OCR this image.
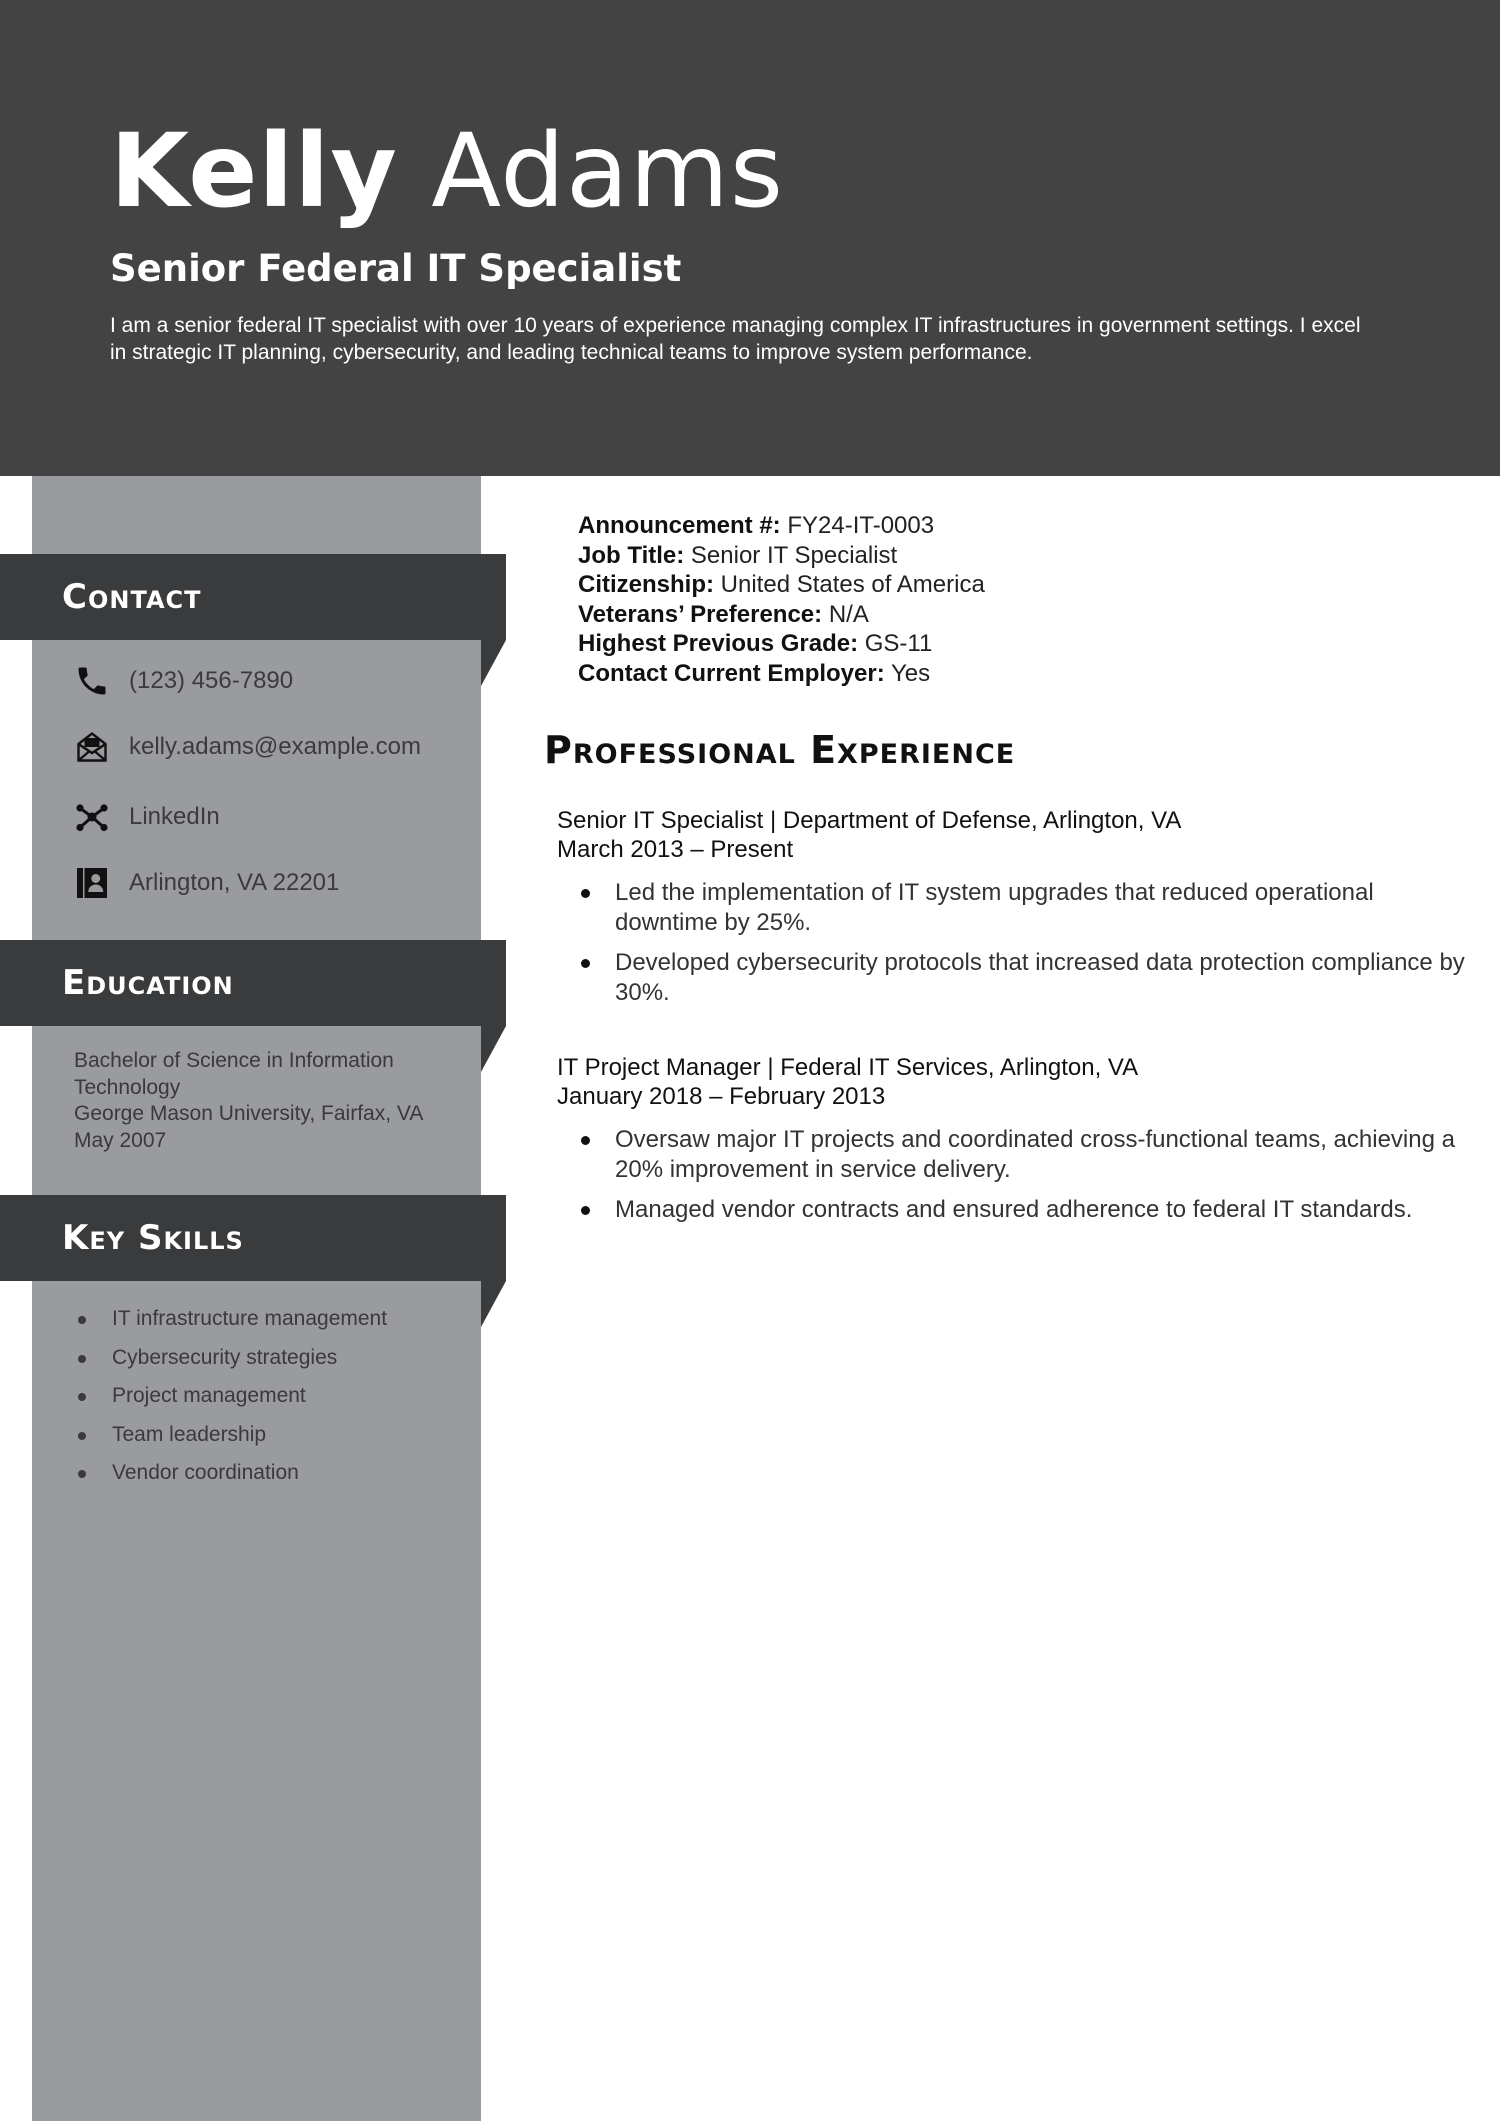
Kelly Adams
Senior Federal IT Specialist
I am a senior federal IT specialist with over 10 years of experience managing complex IT infrastructures in government settings. I excel in strategic IT planning, cybersecurity, and leading technical teams to improve system performance.
Contact
(123) 456-7890
kelly.adams@example.com
LinkedIn
Arlington, VA 22201
Education
Bachelor of Science in Information Technology
George Mason University, Fairfax, VA
May 2007
Key Skills
IT infrastructure management
Cybersecurity strategies
Project management
Team leadership
Vendor coordination
Announcement #: FY24-IT-0003
Job Title: Senior IT Specialist
Citizenship: United States of America
Veterans’ Preference: N/A
Highest Previous Grade: GS-11
Contact Current Employer: Yes
Professional Experience
Senior IT Specialist | Department of Defense, Arlington, VA
March 2013 – Present
Led the implementation of IT system upgrades that reduced operational downtime by 25%.
Developed cybersecurity protocols that increased data protection compliance by 30%.
IT Project Manager | Federal IT Services, Arlington, VA
January 2018 – February 2013
Oversaw major IT projects and coordinated cross-functional teams, achieving a 20% improvement in service delivery.
Managed vendor contracts and ensured adherence to federal IT standards.
